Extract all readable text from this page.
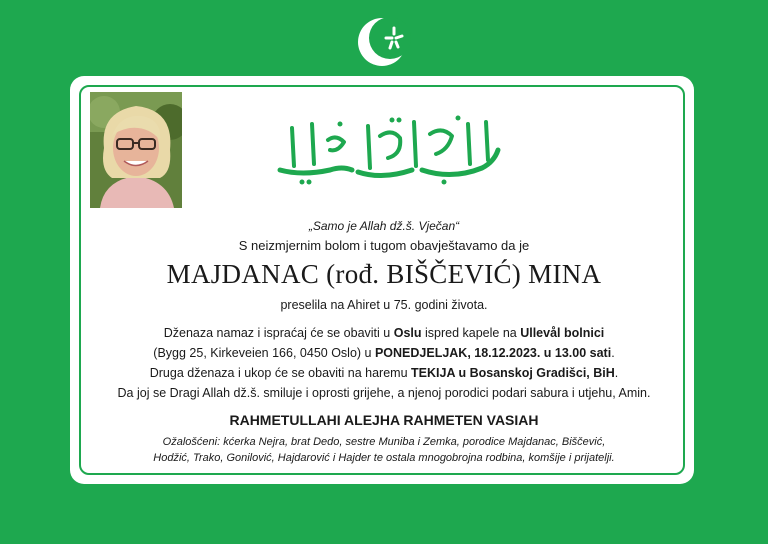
„Samo je Allah dž.š. Vječan“
S neizmjernim bolom i tugom obavještavamo da je
MAJDANAC (rođ. BIŠČEVIĆ) MINA
preselila na Ahiret u 75. godini života.
Dženaza namaz i ispraćaj će se obaviti u Oslu ispred kapele na Ullevål bolnici
(Bygg 25, Kirkeveien 166, 0450 Oslo) u PONEDJELJAK, 18.12.2023. u 13.00 sati.
Druga dženaza i ukop će se obaviti na haremu TEKIJA u Bosanskoj Gradišci, BiH.
Da joj se Dragi Allah dž.š. smiluje i oprosti grijehe, a njenoj porodici podari sabura i utjehu, Amin.
RAHMETULLAHI ALEJHA RAHMETEN VASIAH
Ožalošćeni: kćerka Nejra, brat Dedo, sestre Muniba i Zemka, porodice Majdanac, Biščević,
Hodžić, Trako, Gonilović, Hajdarović i Hajder te ostala mnogobrojna rodbina, komšije i prijatelji.
